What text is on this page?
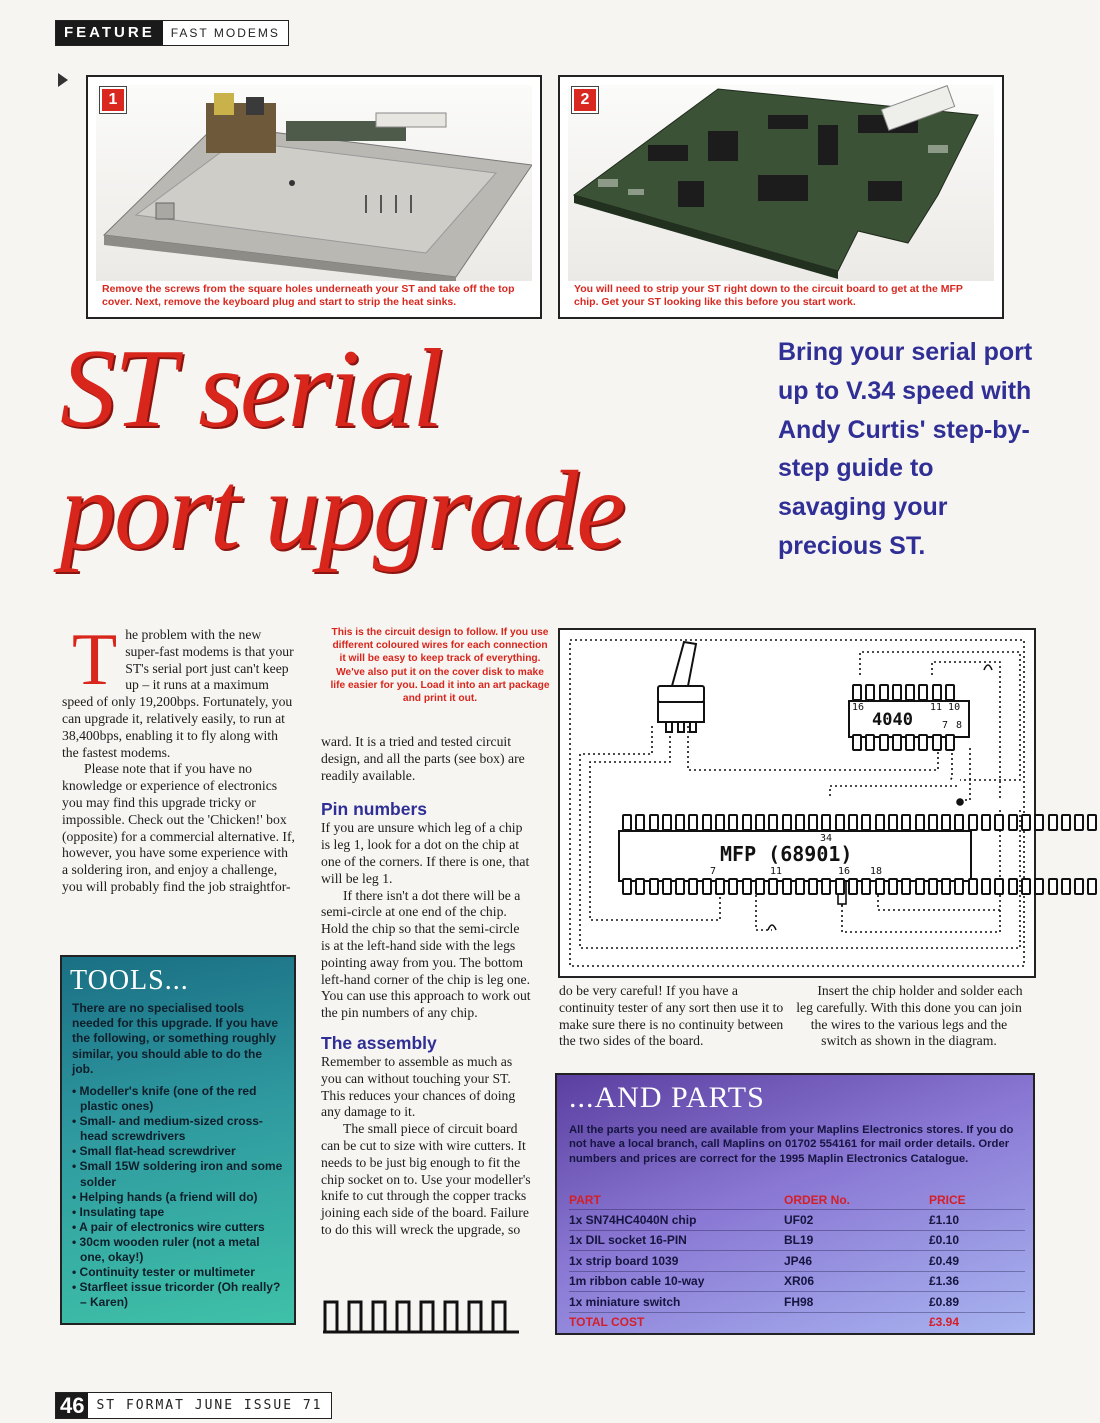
FEATURE	FAST MODEMS
1
Remove the screws from the square holes underneath your ST and take off the top cover. Next, remove the keyboard plug and start to strip the heat sinks.
2
You will need to strip your ST right down to the circuit board to get at the MFP chip. Get your ST looking like this before you start work.
ST serial
port upgrade
Bring your serial port up to V.34 speed with Andy Curtis' step-by-step guide to savaging your precious ST.
T he problem with the new super-fast modems is that your ST's serial port just can't keep up – it runs at a maximum speed of only 19,200bps. Fortunately, you can upgrade it, relatively easily, to run at 38,400bps, enabling it to fly along with the fastest modems.

Please note that if you have no knowledge or experience of electronics you may find this upgrade tricky or impossible. Check out the 'Chicken!' box (opposite) for a commercial alternative. If, however, you have some experience with a soldering iron, and enjoy a challenge, you will probably find the job straightfor-

This is the circuit design to follow. If you use different coloured wires for each connection it will be easy to keep track of everything. We've also put it on the cover disk to make life easier for you. Load it into an art package and print it out.

ward. It is a tried and tested circuit design, and all the parts (see box) are readily available.

Pin numbers

If you are unsure which leg of a chip is leg 1, look for a dot on the chip at one of the corners. If there is one, that will be leg 1.

If there isn't a dot there will be a semi-circle at one end of the chip. Hold the chip so that the semi-circle is at the left-hand side with the legs pointing away from you. The bottom left-hand corner of the chip is leg one. You can use this approach to work out the pin numbers of any chip.

The assembly

Remember to assemble as much as you can without touching your ST. This reduces your chances of doing any damage to it.

The small piece of circuit board can be cut to size with wire cutters. It needs to be just big enough to fit the chip socket on to. Use your modeller's knife to cut through the copper tracks joining each side of the board. Failure to do this will wreck the upgrade, so

16	11 10
7 8
4040
34
7	11	16 18
MFP (68901)

do be very careful! If you have a continuity tester of any sort then use it to make sure there is no continuity between the two sides of the board.

Insert the chip holder and solder each leg carefully. With this done you can join the wires to the various legs and the switch as shown in the diagram.

TOOLS...
There are no specialised tools needed for this upgrade. If you have the following, or something roughly similar, you should able to do the job.
• Modeller's knife (one of the red plastic ones)
• Small- and medium-sized cross-head screwdrivers
• Small flat-head screwdriver
• Small 15W soldering iron and some solder
• Helping hands (a friend will do)
• Insulating tape
• A pair of electronics wire cutters
• 30cm wooden ruler (not a metal one, okay!)
• Continuity tester or multimeter
• Starfleet issue tricorder (Oh really? – Karen)
...AND PARTS
All the parts you need are available from your Maplins Electronics stores. If you do not have a local branch, call Maplins on 01702 554161 for mail order details. Order numbers and prices are correct for the 1995 Maplin Electronics Catalogue.
PART	ORDER No.	PRICE
1x SN74HC4040N chip	UF02	£1.10
1x DIL socket 16-PIN	BL19	£0.10
1x strip board 1039	JP46	£0.49
1m ribbon cable 10-way	XR06	£1.36
1x miniature switch	FH98	£0.89
TOTAL COST		£3.94
46 ST FORMAT JUNE ISSUE 71
